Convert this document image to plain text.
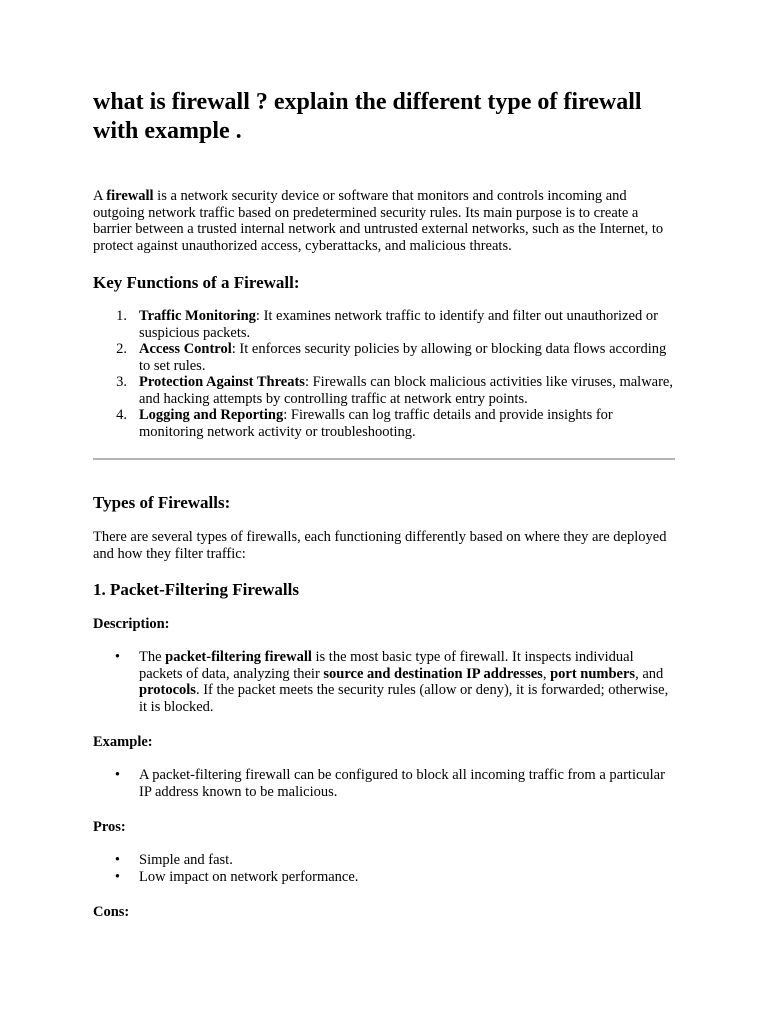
what is firewall ? explain the different type of firewall with example .

A firewall is a network security device or software that monitors and controls incoming and outgoing network traffic based on predetermined security rules. Its main purpose is to create a barrier between a trusted internal network and untrusted external networks, such as the Internet, to protect against unauthorized access, cyberattacks, and malicious threats.

Key Functions of a Firewall:
1. Traffic Monitoring: It examines network traffic to identify and filter out unauthorized or suspicious packets.
2. Access Control: It enforces security policies by allowing or blocking data flows according to set rules.
3. Protection Against Threats: Firewalls can block malicious activities like viruses, malware, and hacking attempts by controlling traffic at network entry points.
4. Logging and Reporting: Firewalls can log traffic details and provide insights for monitoring network activity or troubleshooting.
Types of Firewalls:

There are several types of firewalls, each functioning differently based on where they are deployed and how they filter traffic:

1. Packet-Filtering Firewalls
Description:
• The packet-filtering firewall is the most basic type of firewall. It inspects individual packets of data, analyzing their source and destination IP addresses, port numbers, and protocols. If the packet meets the security rules (allow or deny), it is forwarded; otherwise, it is blocked.
Example:
• A packet-filtering firewall can be configured to block all incoming traffic from a particular IP address known to be malicious.
Pros:
• Simple and fast.
• Low impact on network performance.
Cons:
